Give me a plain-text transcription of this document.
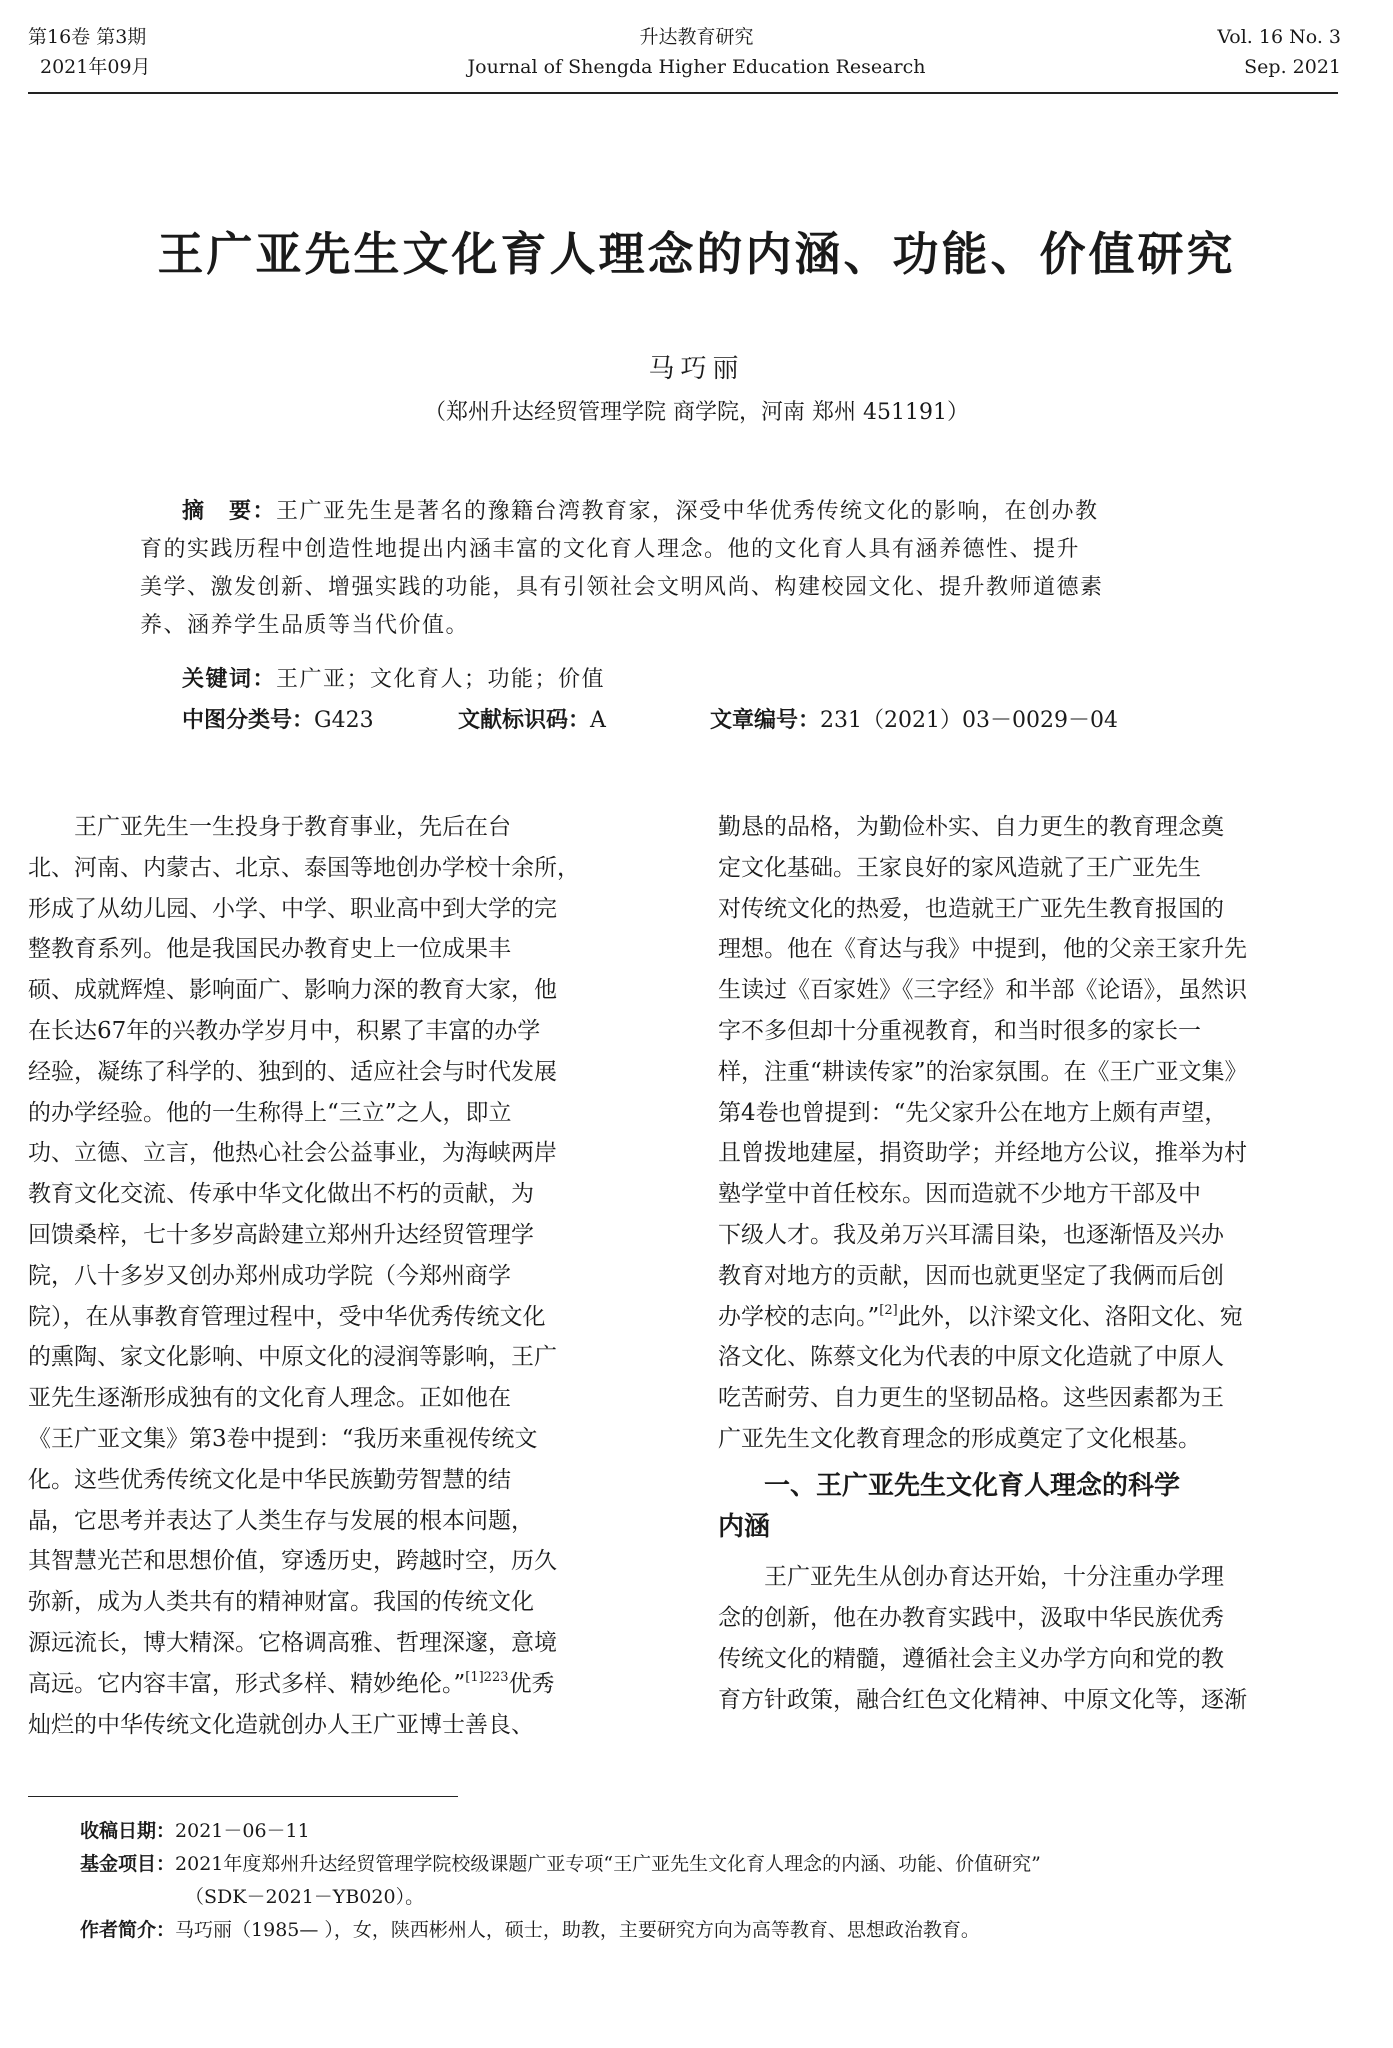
第16卷 第3期
2021年09月
升达教育研究
Journal of Shengda Higher Education Research
Vol. 16 No. 3
Sep. 2021
王广亚先生文化育人理念的内涵、功能、价值研究
马巧丽
（郑州升达经贸管理学院 商学院，河南 郑州 451191）
摘　要：王广亚先生是著名的豫籍台湾教育家，深受中华优秀传统文化的影响，在创办教
育的实践历程中创造性地提出内涵丰富的文化育人理念。他的文化育人具有涵养德性、提升
美学、激发创新、增强实践的功能，具有引领社会文明风尚、构建校园文化、提升教师道德素
养、涵养学生品质等当代价值。
关键词：王广亚；文化育人；功能；价值
中图分类号：G423	文献标识码：A	文章编号：231（2021）03－0029－04
王广亚先生一生投身于教育事业，先后在台
北、河南、内蒙古、北京、泰国等地创办学校十余所，
形成了从幼儿园、小学、中学、职业高中到大学的完
整教育系列。他是我国民办教育史上一位成果丰
硕、成就辉煌、影响面广、影响力深的教育大家，他
在长达67年的兴教办学岁月中，积累了丰富的办学
经验，凝练了科学的、独到的、适应社会与时代发展
的办学经验。他的一生称得上“三立”之人，即立
功、立德、立言，他热心社会公益事业，为海峡两岸
教育文化交流、传承中华文化做出不朽的贡献，为
回馈桑梓，七十多岁高龄建立郑州升达经贸管理学
院，八十多岁又创办郑州成功学院（今郑州商学
院），在从事教育管理过程中，受中华优秀传统文化
的熏陶、家文化影响、中原文化的浸润等影响，王广
亚先生逐渐形成独有的文化育人理念。正如他在
《王广亚文集》第3卷中提到：“我历来重视传统文
化。这些优秀传统文化是中华民族勤劳智慧的结
晶，它思考并表达了人类生存与发展的根本问题，
其智慧光芒和思想价值，穿透历史，跨越时空，历久
弥新，成为人类共有的精神财富。我国的传统文化
源远流长，博大精深。它格调高雅、哲理深邃，意境
高远。它内容丰富，形式多样、精妙绝伦。”$^{[1]223}$优秀
灿烂的中华传统文化造就创办人王广亚博士善良、
勤恳的品格，为勤俭朴实、自力更生的教育理念奠
定文化基础。王家良好的家风造就了王广亚先生
对传统文化的热爱，也造就王广亚先生教育报国的
理想。他在《育达与我》中提到，他的父亲王家升先
生读过《百家姓》《三字经》和半部《论语》，虽然识
字不多但却十分重视教育，和当时很多的家长一
样，注重“耕读传家”的治家氛围。在《王广亚文集》
第4卷也曾提到：“先父家升公在地方上颇有声望，
且曾拨地建屋，捐资助学；并经地方公议，推举为村
塾学堂中首任校东。因而造就不少地方干部及中
下级人才。我及弟万兴耳濡目染，也逐渐悟及兴办
教育对地方的贡献，因而也就更坚定了我俩而后创
办学校的志向。”[2]此外，以汴梁文化、洛阳文化、宛
洛文化、陈蔡文化为代表的中原文化造就了中原人
吃苦耐劳、自力更生的坚韧品格。这些因素都为王
广亚先生文化教育理念的形成奠定了文化根基。
一、王广亚先生文化育人理念的科学
内涵
王广亚先生从创办育达开始，十分注重办学理
念的创新，他在办教育实践中，汲取中华民族优秀
传统文化的精髓，遵循社会主义办学方向和党的教
育方针政策，融合红色文化精神、中原文化等，逐渐
收稿日期：2021－06－11
基金项目：2021年度郑州升达经贸管理学院校级课题广亚专项“王广亚先生文化育人理念的内涵、功能、价值研究”
（SDK－2021－YB020）。
作者简介：马巧丽（1985— ），女，陕西彬州人，硕士，助教，主要研究方向为高等教育、思想政治教育。
